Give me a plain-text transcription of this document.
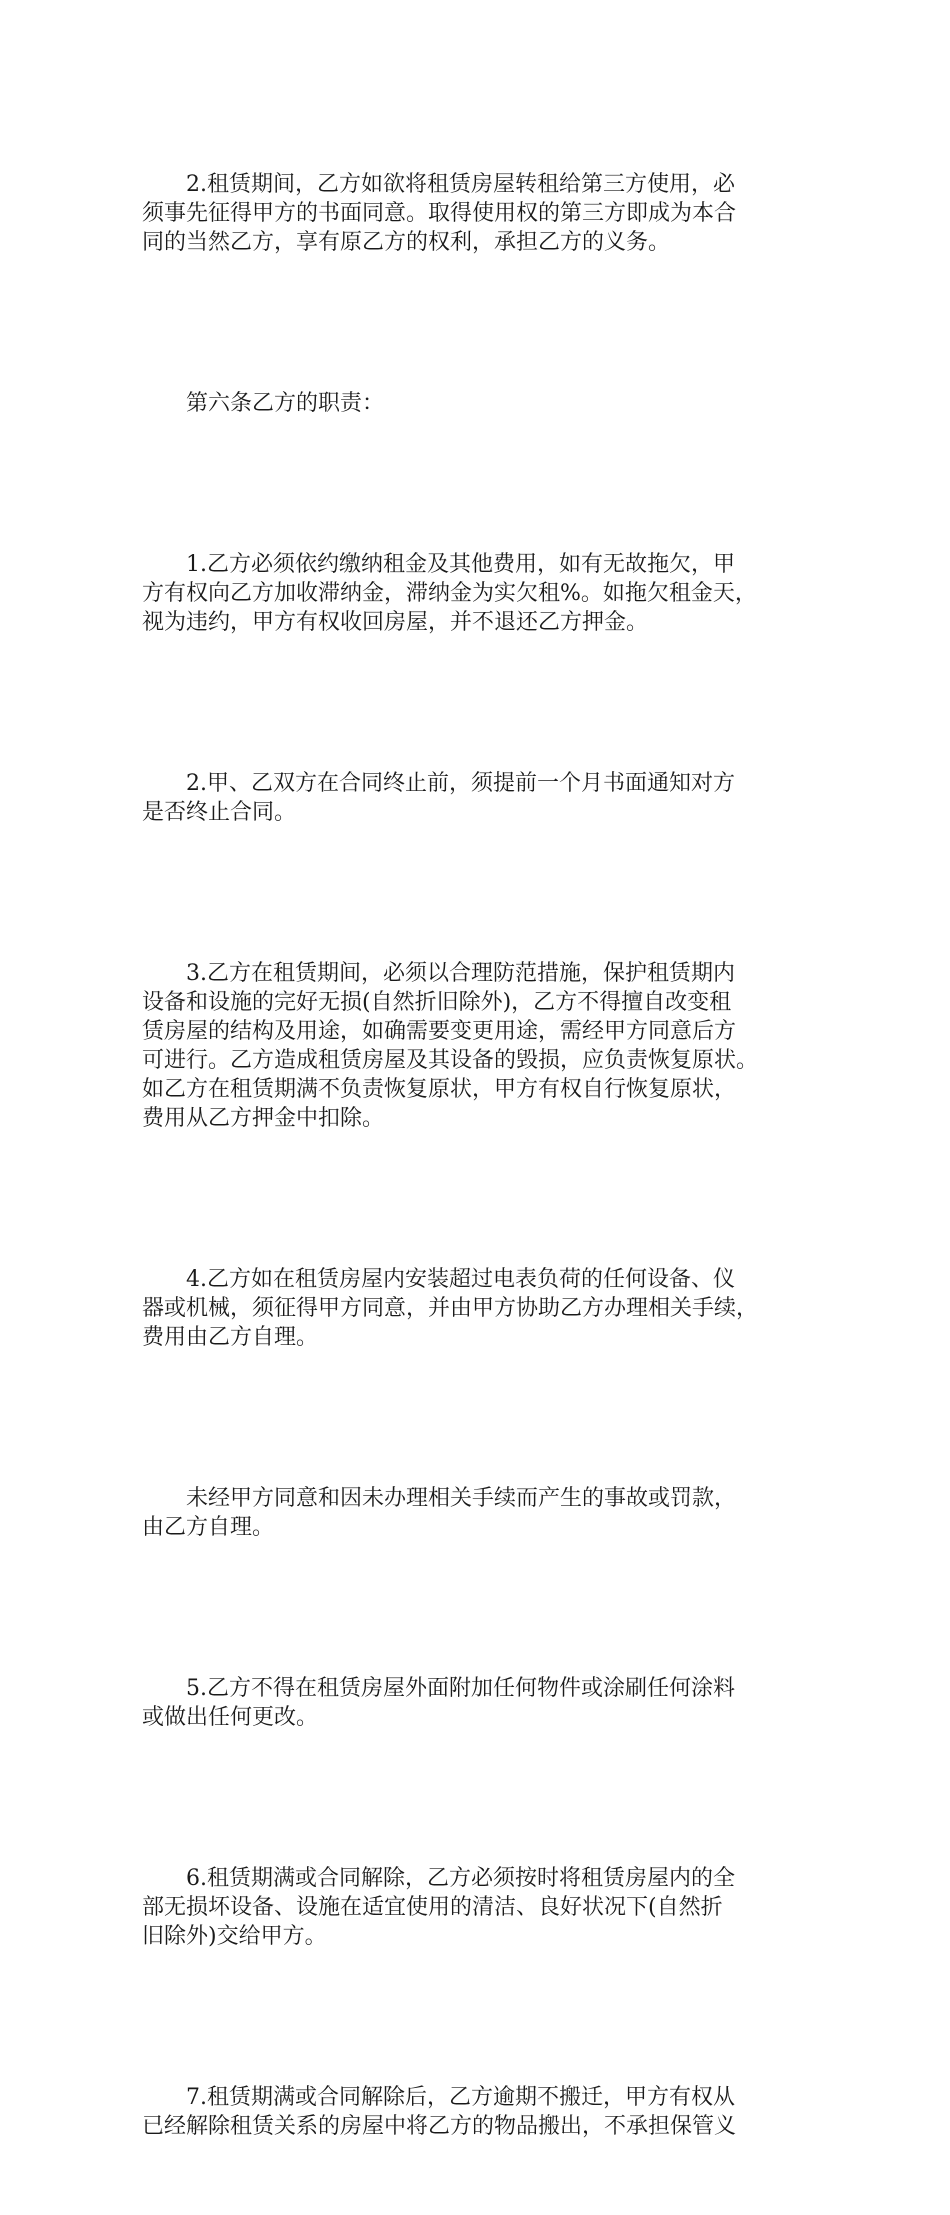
2.租赁期间，乙方如欲将租赁房屋转租给第三方使用，必
须事先征得甲方的书面同意。取得使用权的第三方即成为本合
同的当然乙方，享有原乙方的权利，承担乙方的义务。

第六条乙方的职责：

1.乙方必须依约缴纳租金及其他费用，如有无故拖欠，甲
方有权向乙方加收滞纳金，滞纳金为实欠租%。如拖欠租金天，
视为违约，甲方有权收回房屋，并不退还乙方押金。

2.甲、乙双方在合同终止前，须提前一个月书面通知对方
是否终止合同。

3.乙方在租赁期间，必须以合理防范措施，保护租赁期内
设备和设施的完好无损(自然折旧除外)，乙方不得擅自改变租
赁房屋的结构及用途，如确需要变更用途，需经甲方同意后方
可进行。乙方造成租赁房屋及其设备的毁损，应负责恢复原状。
如乙方在租赁期满不负责恢复原状，甲方有权自行恢复原状，
费用从乙方押金中扣除。

4.乙方如在租赁房屋内安装超过电表负荷的任何设备、仪
器或机械，须征得甲方同意，并由甲方协助乙方办理相关手续，
费用由乙方自理。

未经甲方同意和因未办理相关手续而产生的事故或罚款，
由乙方自理。

5.乙方不得在租赁房屋外面附加任何物件或涂刷任何涂料
或做出任何更改。

6.租赁期满或合同解除，乙方必须按时将租赁房屋内的全
部无损坏设备、设施在适宜使用的清洁、良好状况下(自然折
旧除外)交给甲方。

7.租赁期满或合同解除后，乙方逾期不搬迁，甲方有权从
已经解除租赁关系的房屋中将乙方的物品搬出，不承担保管义
